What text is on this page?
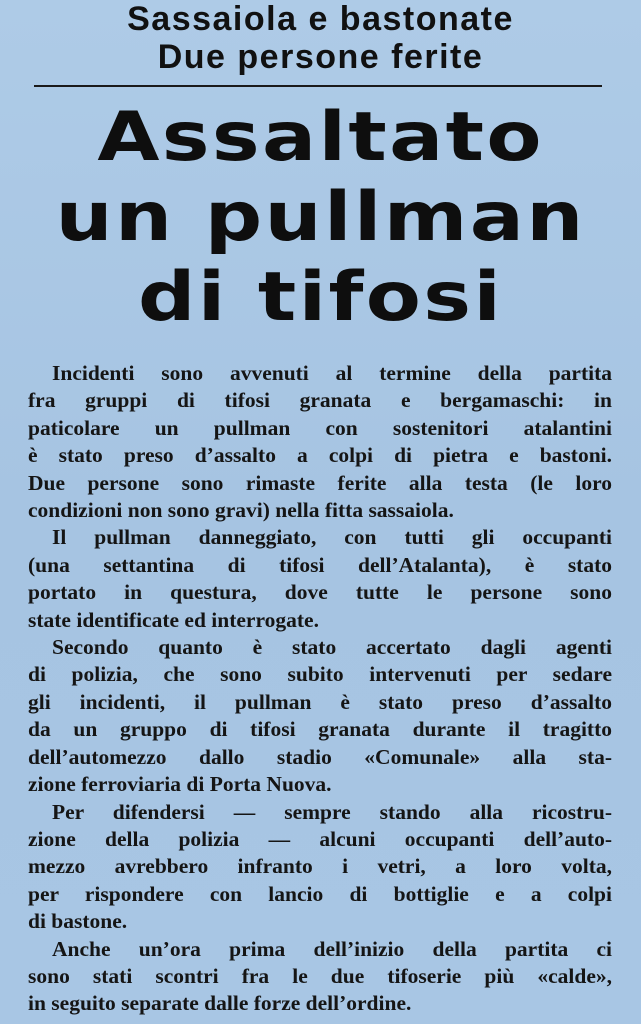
Sassaiola e bastonate
Due persone ferite
Assaltato
un pullman
di tifosi

Incidenti sono avvenuti al termine della partita
fra gruppi di tifosi granata e bergamaschi: in
paticolare un pullman con sostenitori atalantini
è stato preso d’assalto a colpi di pietra e bastoni.
Due persone sono rimaste ferite alla testa (le loro
condizioni non sono gravi) nella fitta sassaiola.

Il pullman danneggiato, con tutti gli occupanti
(una settantina di tifosi dell’Atalanta), è stato
portato in questura, dove tutte le persone sono
state identificate ed interrogate.

Secondo quanto è stato accertato dagli agenti
di polizia, che sono subito intervenuti per sedare
gli incidenti, il pullman è stato preso d’assalto
da un gruppo di tifosi granata durante il tragitto
dell’automezzo dallo stadio «Comunale» alla sta-
zione ferroviaria di Porta Nuova.

Per difendersi — sempre stando alla ricostru-
zione della polizia — alcuni occupanti dell’auto-
mezzo avrebbero infranto i vetri, a loro volta,
per rispondere con lancio di bottiglie e a colpi
di bastone.

Anche un’ora prima dell’inizio della partita ci
sono stati scontri fra le due tifoserie più «calde»,
in seguito separate dalle forze dell’ordine.
